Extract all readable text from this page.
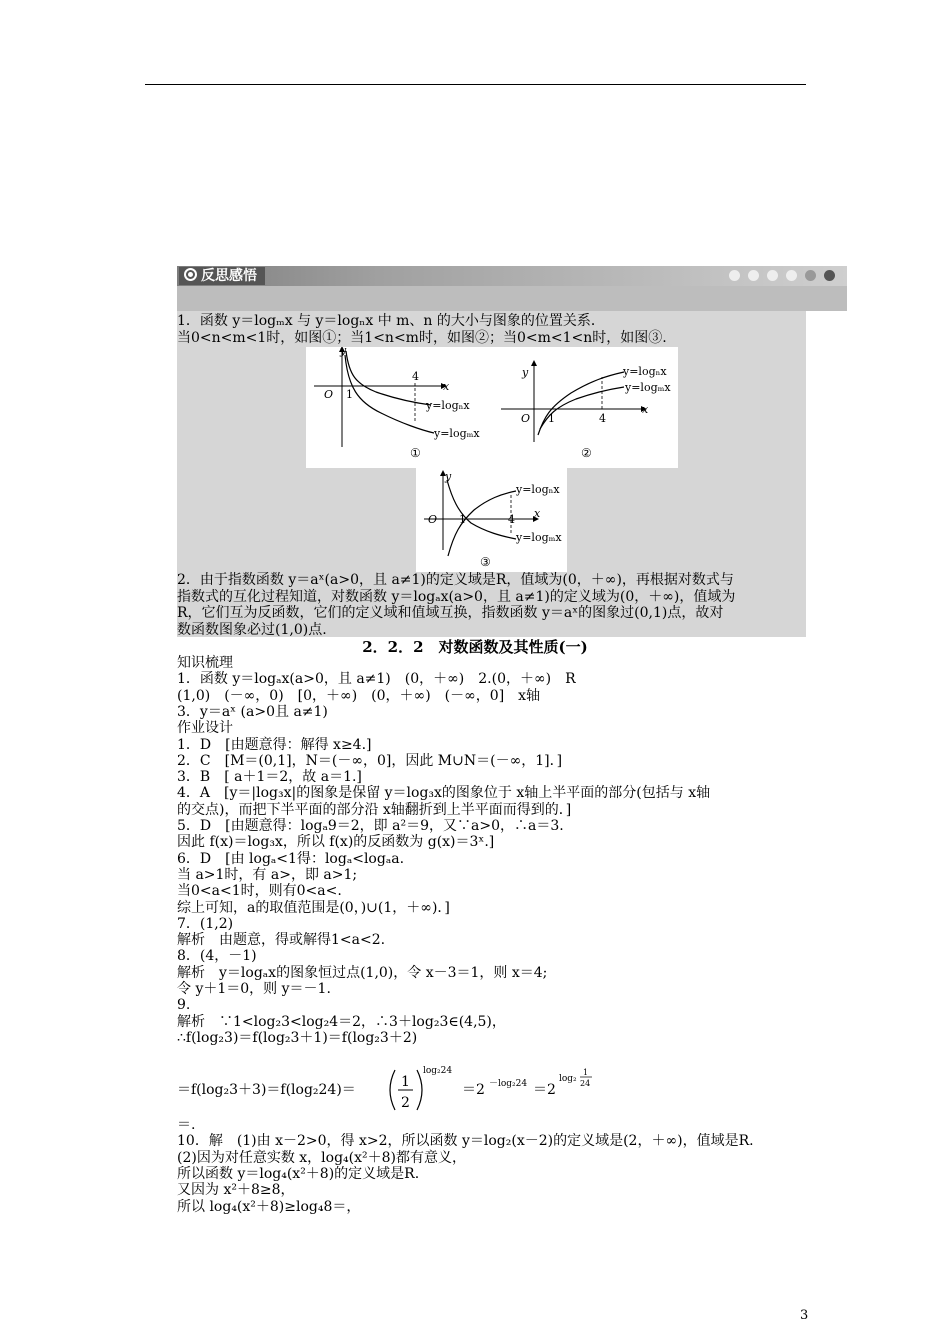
反思感悟
1．函数 y＝logₘx 与 y＝logₙx 中 m、n 的大小与图象的位置关系．
当0<n<m<1时，如图①；当1<n<m时，如图②；当0<m<1<n时，如图③.
y
x
O 1
4
y=logₙx
y=logₘx
①
y
x
O 1	4
y=logₙx
y=logₘx
②
y
x
O 1	4
y=logₙx
y=logₘx
③
2．由于指数函数 y＝aˣ(a>0，且 a≠1)的定义域是R，值域为(0，＋∞)，再根据对数式与
指数式的互化过程知道，对数函数 y＝logₐx(a>0，且 a≠1)的定义域为(0，＋∞)，值域为
R，它们互为反函数，它们的定义域和值域互换，指数函数 y＝aˣ的图象过(0,1)点，故对
数函数图象必过(1,0)点.
2．2．2　对数函数及其性质(一)
知识梳理
1．函数 y＝logₐx(a>0，且 a≠1)　(0，＋∞)　2.(0，＋∞)　R
(1,0)　(－∞，0)　[0，＋∞)　(0，＋∞)　(－∞，0]　x轴
3．y＝aˣ (a>0且 a≠1)
作业设计
1．D　[由题意得：解得 x≥4.]
2．C　[M＝(0,1]，N＝(－∞，0]，因此 M∪N＝(－∞，1]．]
3．B　[ a＋1＝2，故 a＝1.]
4．A　[y＝|log₃x|的图象是保留 y＝log₃x的图象位于 x轴上半平面的部分(包括与 x轴
的交点)，而把下半平面的部分沿 x轴翻折到上半平面而得到的．]
5．D　[由题意得：logₐ9＝2，即 a²＝9，又∵a>0，∴a＝3.
因此 f(x)＝log₃x，所以 f(x)的反函数为 g(x)＝3ˣ.]
6．D　[由 logₐ<1得：logₐ<logₐa.
当 a>1时，有 a>，即 a>1;
当0<a<1时，则有0<a<.
综上可知，a的取值范围是(0，)∪(1，＋∞)．]
7．(1,2)
解析　由题意，得或解得1<a<2.
8．(4，－1)
解析　y＝logₐx的图象恒过点(1,0)，令 x－3＝1，则 x＝4;
令 y＋1＝0，则 y＝－1.
9.
解析　∵1<log₂3<log₂4＝2，∴3＋log₂3∈(4,5)，
∴f(log₂3)＝f(log₂3＋1)＝f(log₂3＋2)
＝f(log₂3＋3)＝f(log₂24)＝	1
2
log₂24
＝2 －log₂24 ＝2
log₂
1
24
＝.
10．解　(1)由 x－2>0，得 x>2，所以函数 y＝log₂(x－2)的定义域是(2，＋∞)，值域是R.
(2)因为对任意实数 x，log₄(x²＋8)都有意义，
所以函数 y＝log₄(x²＋8)的定义域是R.
又因为 x²＋8≥8，
所以 log₄(x²＋8)≥log₄8＝，
3
